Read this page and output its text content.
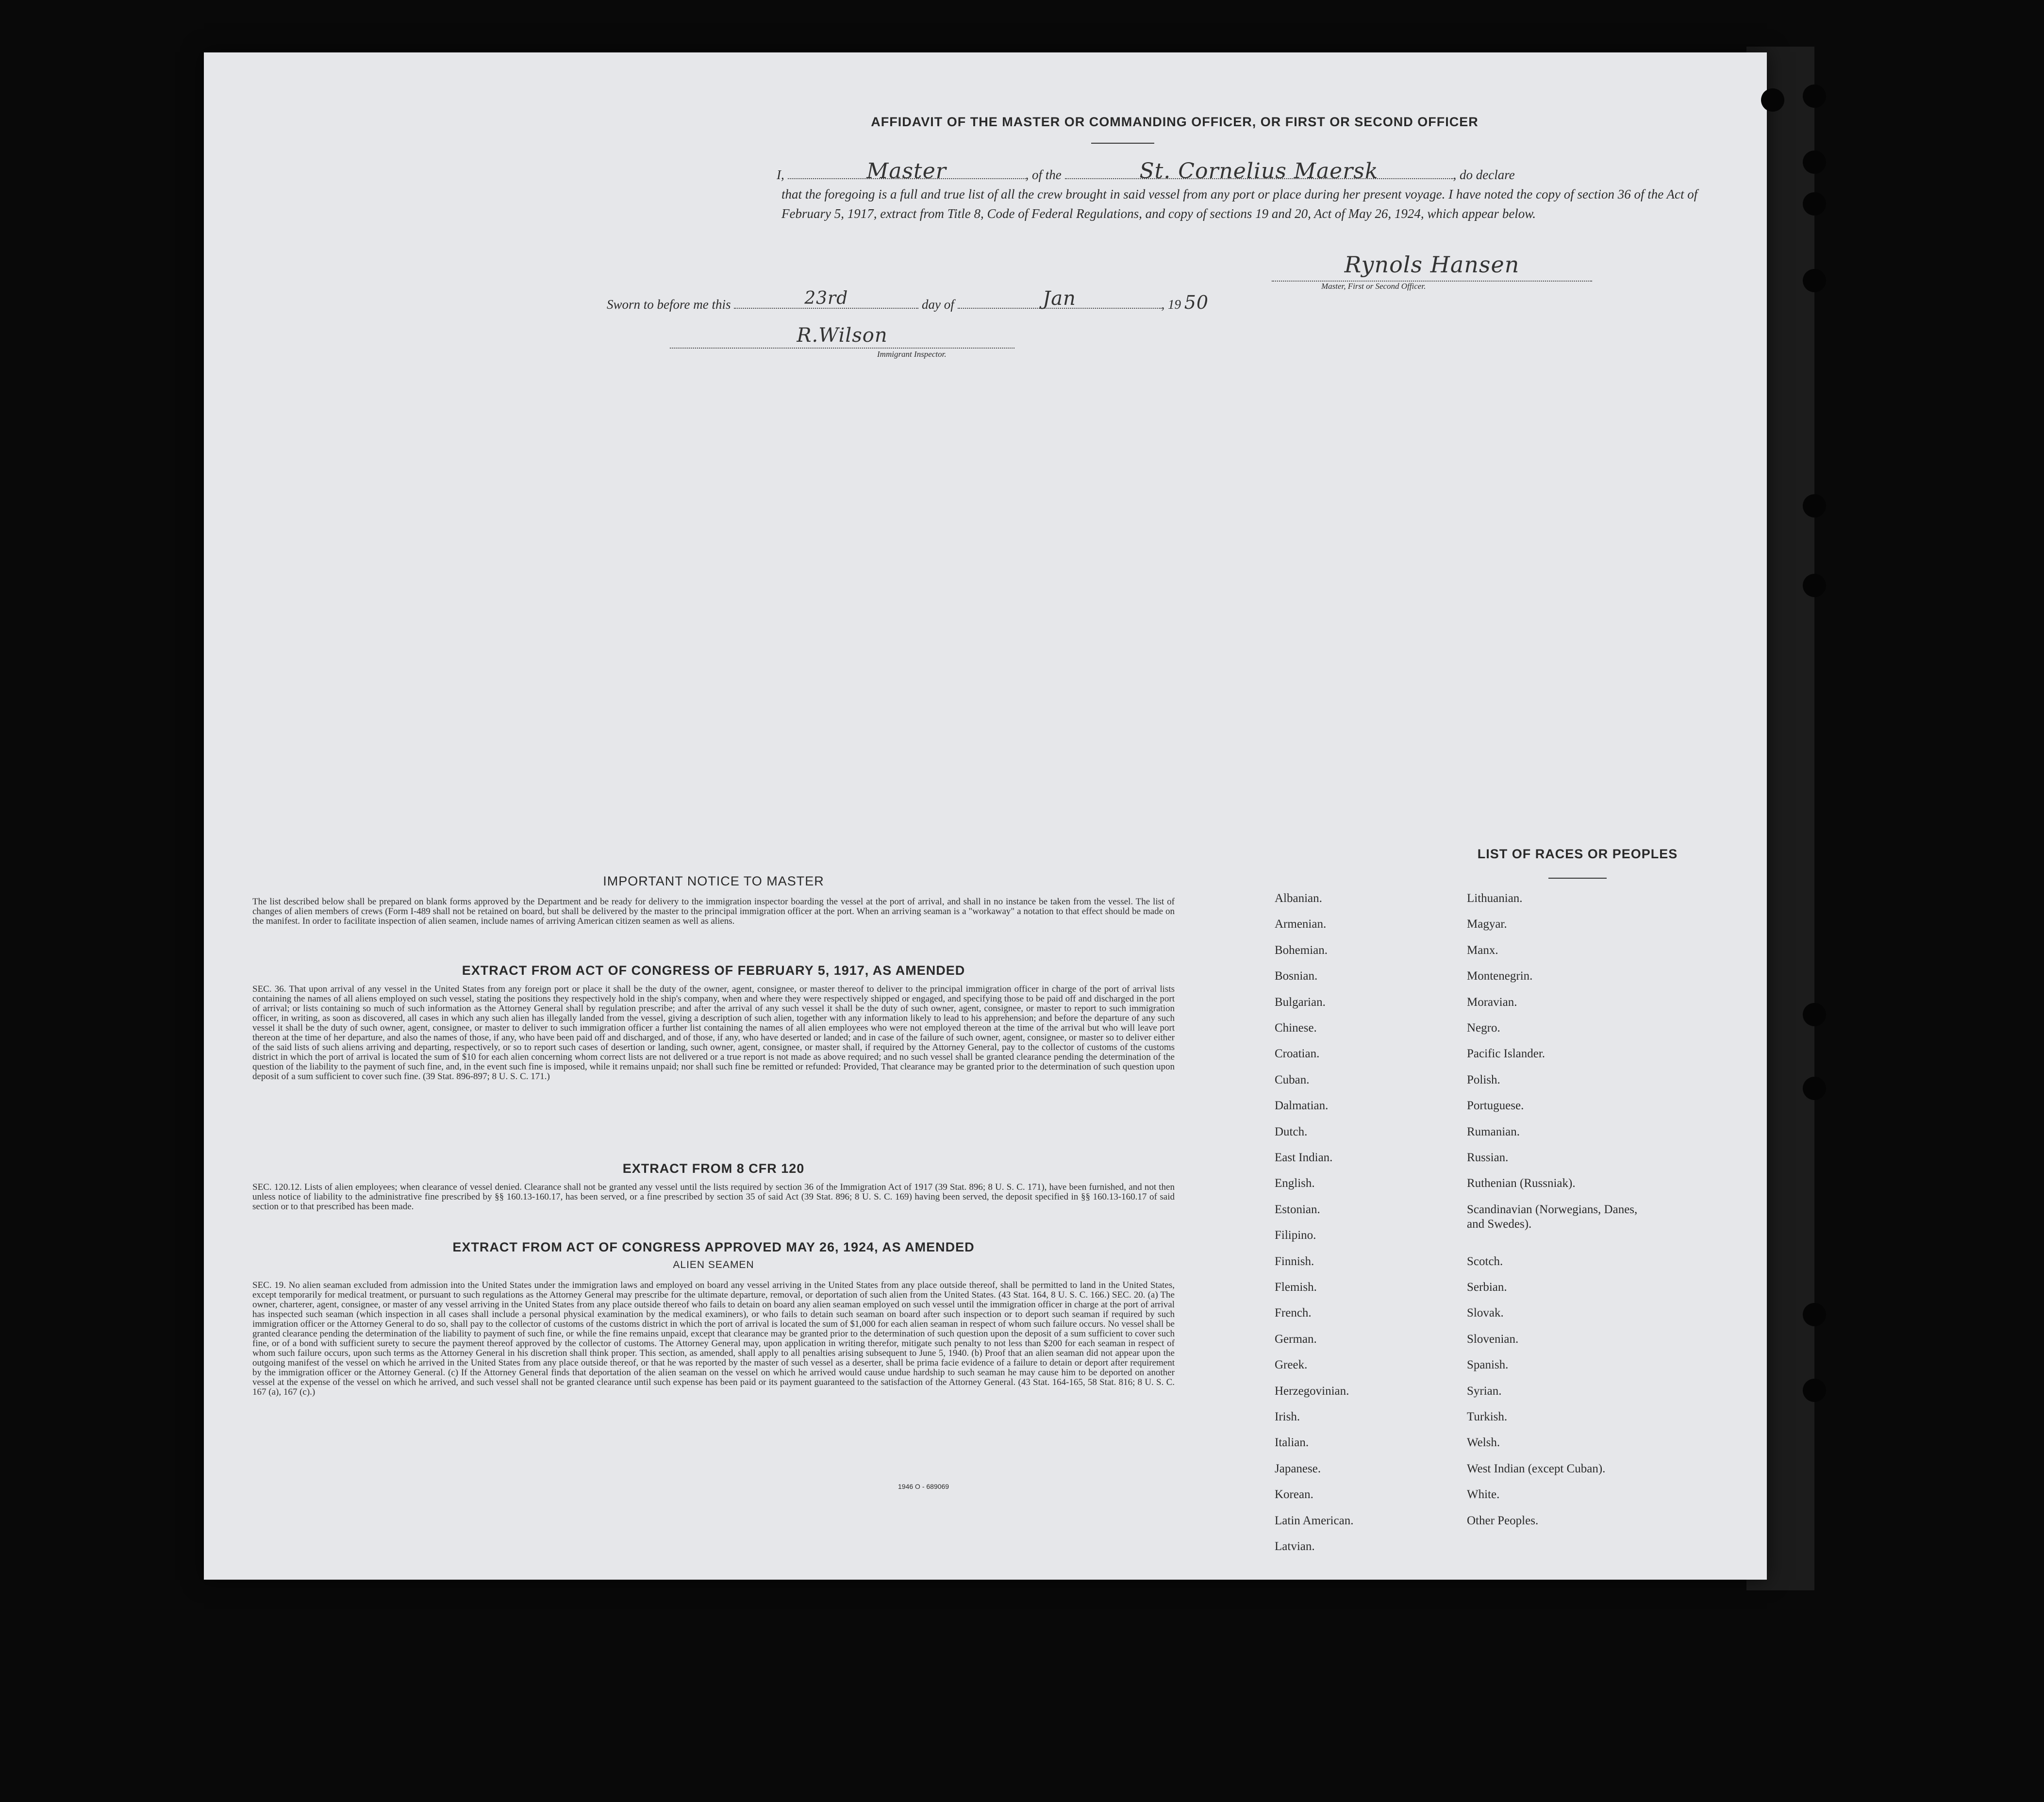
AFFIDAVIT OF THE MASTER OR COMMANDING OFFICER, OR FIRST OR SECOND OFFICER
I,	Master	, of the	St. Cornelius Maersk	, do declare
that the foregoing is a full and true list of all the crew brought in said vessel from any port or place during her present voyage. I have noted the copy of section 36 of the Act of February 5, 1917, extract from Title 8, Code of Federal Regulations, and copy of sections 19 and 20, Act of May 26, 1924, which appear below.
Rynols Hansen
Master, First or Second Officer.
Sworn to before me this	23rd	day of	Jan	, 19 50
R.Wilson
Immigrant Inspector.
IMPORTANT NOTICE TO MASTER
The list described below shall be prepared on blank forms approved by the Department and be ready for delivery to the immigration inspector boarding the vessel at the port of arrival, and shall in no instance be taken from the vessel. The list of changes of alien members of crews (Form I-489 shall not be retained on board, but shall be delivered by the master to the principal immigration officer at the port. When an arriving seaman is a "workaway" a notation to that effect should be made on the manifest. In order to facilitate inspection of alien seamen, include names of arriving American citizen seamen as well as aliens.
EXTRACT FROM ACT OF CONGRESS OF FEBRUARY 5, 1917, AS AMENDED
SEC. 36. That upon arrival of any vessel in the United States from any foreign port or place it shall be the duty of the owner, agent, consignee, or master thereof to deliver to the principal immigration officer in charge of the port of arrival lists containing the names of all aliens employed on such vessel, stating the positions they respectively hold in the ship's company, when and where they were respectively shipped or engaged, and specifying those to be paid off and discharged in the port of arrival; or lists containing so much of such information as the Attorney General shall by regulation prescribe; and after the arrival of any such vessel it shall be the duty of such owner, agent, consignee, or master to report to such immigration officer, in writing, as soon as discovered, all cases in which any such alien has illegally landed from the vessel, giving a description of such alien, together with any information likely to lead to his apprehension; and before the departure of any such vessel it shall be the duty of such owner, agent, consignee, or master to deliver to such immigration officer a further list containing the names of all alien employees who were not employed thereon at the time of the arrival but who will leave port thereon at the time of her departure, and also the names of those, if any, who have been paid off and discharged, and of those, if any, who have deserted or landed; and in case of the failure of such owner, agent, consignee, or master so to deliver either of the said lists of such aliens arriving and departing, respectively, or so to report such cases of desertion or landing, such owner, agent, consignee, or master shall, if required by the Attorney General, pay to the collector of customs of the customs district in which the port of arrival is located the sum of $10 for each alien concerning whom correct lists are not delivered or a true report is not made as above required; and no such vessel shall be granted clearance pending the determination of the question of the liability to the payment of such fine, and, in the event such fine is imposed, while it remains unpaid; nor shall such fine be remitted or refunded: Provided, That clearance may be granted prior to the determination of such question upon deposit of a sum sufficient to cover such fine. (39 Stat. 896-897; 8 U. S. C. 171.)
EXTRACT FROM 8 CFR 120
SEC. 120.12. Lists of alien employees; when clearance of vessel denied. Clearance shall not be granted any vessel until the lists required by section 36 of the Immigration Act of 1917 (39 Stat. 896; 8 U. S. C. 171), have been furnished, and not then unless notice of liability to the administrative fine prescribed by §§ 160.13-160.17, has been served, or a fine prescribed by section 35 of said Act (39 Stat. 896; 8 U. S. C. 169) having been served, the deposit specified in §§ 160.13-160.17 of said section or to that prescribed has been made.
EXTRACT FROM ACT OF CONGRESS APPROVED MAY 26, 1924, AS AMENDED
ALIEN SEAMEN
SEC. 19. No alien seaman excluded from admission into the United States under the immigration laws and employed on board any vessel arriving in the United States from any place outside thereof, shall be permitted to land in the United States, except temporarily for medical treatment, or pursuant to such regulations as the Attorney General may prescribe for the ultimate departure, removal, or deportation of such alien from the United States. (43 Stat. 164, 8 U. S. C. 166.) SEC. 20. (a) The owner, charterer, agent, consignee, or master of any vessel arriving in the United States from any place outside thereof who fails to detain on board any alien seaman employed on such vessel until the immigration officer in charge at the port of arrival has inspected such seaman (which inspection in all cases shall include a personal physical examination by the medical examiners), or who fails to detain such seaman on board after such inspection or to deport such seaman if required by such immigration officer or the Attorney General to do so, shall pay to the collector of customs of the customs district in which the port of arrival is located the sum of $1,000 for each alien seaman in respect of whom such failure occurs. No vessel shall be granted clearance pending the determination of the liability to payment of such fine, or while the fine remains unpaid, except that clearance may be granted prior to the determination of such question upon the deposit of a sum sufficient to cover such fine, or of a bond with sufficient surety to secure the payment thereof approved by the collector of customs. The Attorney General may, upon application in writing therefor, mitigate such penalty to not less than $200 for each seaman in respect of whom such failure occurs, upon such terms as the Attorney General in his discretion shall think proper. This section, as amended, shall apply to all penalties arising subsequent to June 5, 1940. (b) Proof that an alien seaman did not appear upon the outgoing manifest of the vessel on which he arrived in the United States from any place outside thereof, or that he was reported by the master of such vessel as a deserter, shall be prima facie evidence of a failure to detain or deport after requirement by the immigration officer or the Attorney General. (c) If the Attorney General finds that deportation of the alien seaman on the vessel on which he arrived would cause undue hardship to such seaman he may cause him to be deported on another vessel at the expense of the vessel on which he arrived, and such vessel shall not be granted clearance until such expense has been paid or its payment guaranteed to the satisfaction of the Attorney General. (43 Stat. 164-165, 58 Stat. 816; 8 U. S. C. 167 (a), 167 (c).)
1946 O - 689069
LIST OF RACES OR PEOPLES
Albanian.
Armenian.
Bohemian.
Bosnian.
Bulgarian.
Chinese.
Croatian.
Cuban.
Dalmatian.
Dutch.
East Indian.
English.
Estonian.
Filipino.
Finnish.
Flemish.
French.
German.
Greek.
Herzegovinian.
Irish.
Italian.
Japanese.
Korean.
Latin American.
Latvian.
Lithuanian.
Magyar.
Manx.
Montenegrin.
Moravian.
Negro.
Pacific Islander.
Polish.
Portuguese.
Rumanian.
Russian.
Ruthenian (Russniak).
Scandinavian (Norwegians, Danes, and Swedes).
Scotch.
Serbian.
Slovak.
Slovenian.
Spanish.
Syrian.
Turkish.
Welsh.
West Indian (except Cuban).
White.
Other Peoples.
